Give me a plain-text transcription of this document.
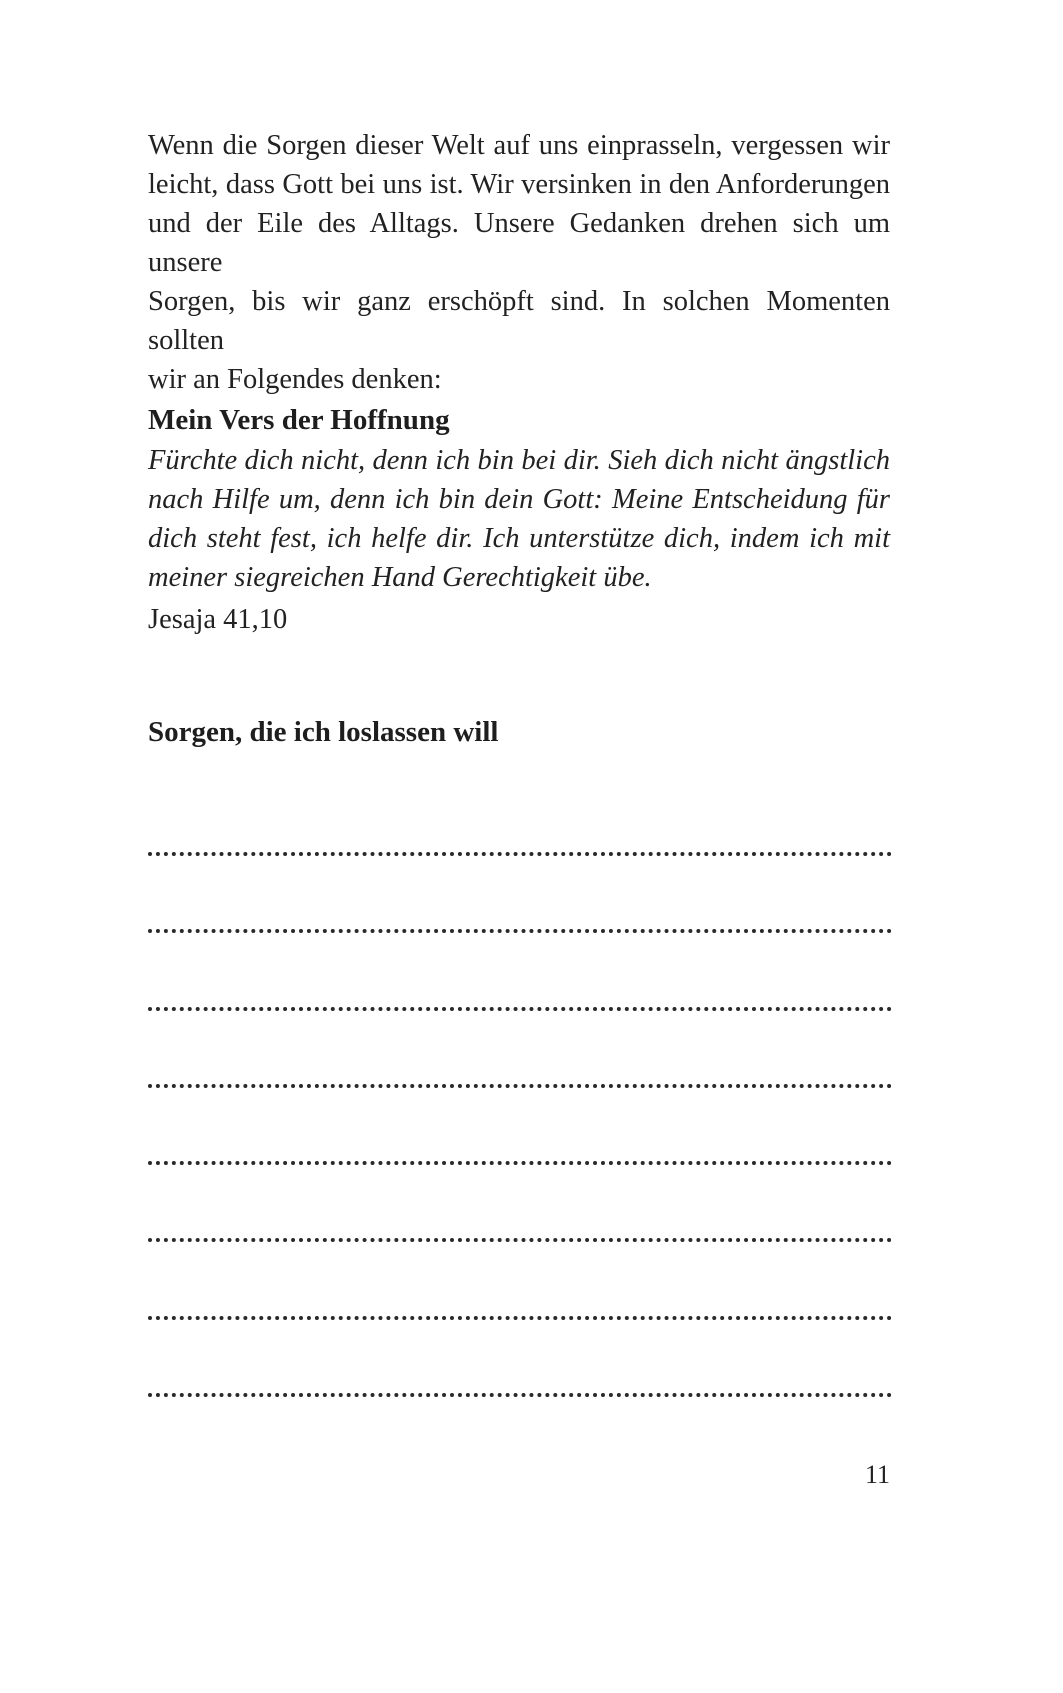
Wenn die Sorgen dieser Welt auf uns einprasseln, vergessen wir
leicht, dass Gott bei uns ist. Wir versinken in den Anforderungen
und der Eile des Alltags. Unsere Gedanken drehen sich um unsere
Sorgen, bis wir ganz erschöpft sind. In solchen Momenten sollten
wir an Folgendes denken:

Mein Vers der Hoffnung

Fürchte dich nicht, denn ich bin bei dir. Sieh dich nicht ängstlich
nach Hilfe um, denn ich bin dein Gott: Meine Entscheidung für
dich steht fest, ich helfe dir. Ich unterstütze dich, indem ich mit
meiner siegreichen Hand Gerechtigkeit übe.

Jesaja 41,10

Sorgen, die ich loslassen will
11
